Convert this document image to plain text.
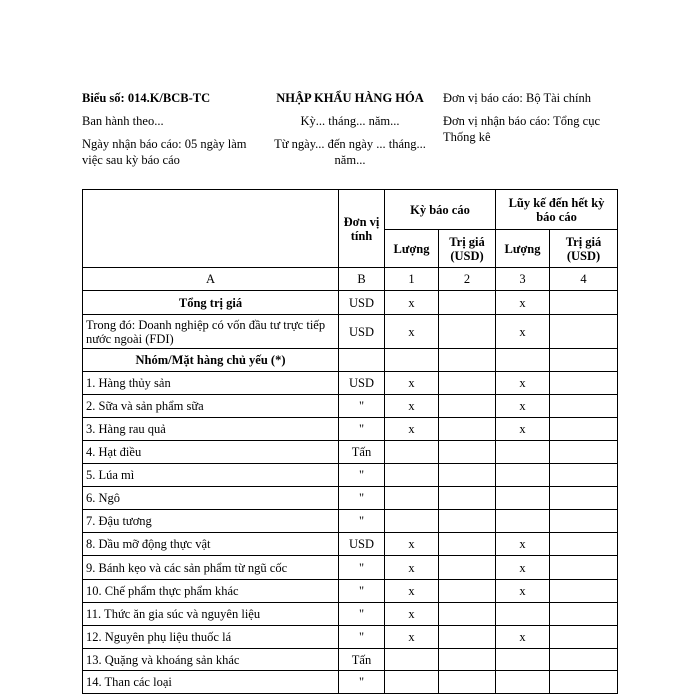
Biểu số: 014.K/BCB-TC
Ban hành theo...
Ngày nhận báo cáo: 05 ngày làm việc sau kỳ báo cáo
NHẬP KHẨU HÀNG HÓA
Kỳ... tháng... năm...
Từ ngày... đến ngày ... tháng... năm...
Đơn vị báo cáo: Bộ Tài chính
Đơn vị nhận báo cáo: Tổng cục Thống kê
	Đơn vị tính	Kỳ báo cáo		Lũy kế đến hết kỳ báo cáo	
		Lượng	Trị giá (USD)	Lượng	Trị giá (USD)
A	B	1	2	3	4
Tổng trị giá	USD	x		x	
Trong đó: Doanh nghiệp có vốn đầu tư trực tiếp nước ngoài (FDI)	USD	x		x	
Nhóm/Mặt hàng chủ yếu (*)					
1. Hàng thủy sản	USD	x		x	
2. Sữa và sản phẩm sữa	"	x		x	
3. Hàng rau quả	"	x		x	
4. Hạt điều	Tấn				
5. Lúa mì	"				
6. Ngô	"				
7. Đậu tương	"				
8. Dầu mỡ động thực vật	USD	x		x	
9. Bánh kẹo và các sản phẩm từ ngũ cốc	"	x		x	
10. Chế phẩm thực phẩm khác	"	x		x	
11. Thức ăn gia súc và nguyên liệu	"	x			
12. Nguyên phụ liệu thuốc lá	"	x		x	
13. Quặng và khoáng sản khác	Tấn				
14. Than các loại	"				
